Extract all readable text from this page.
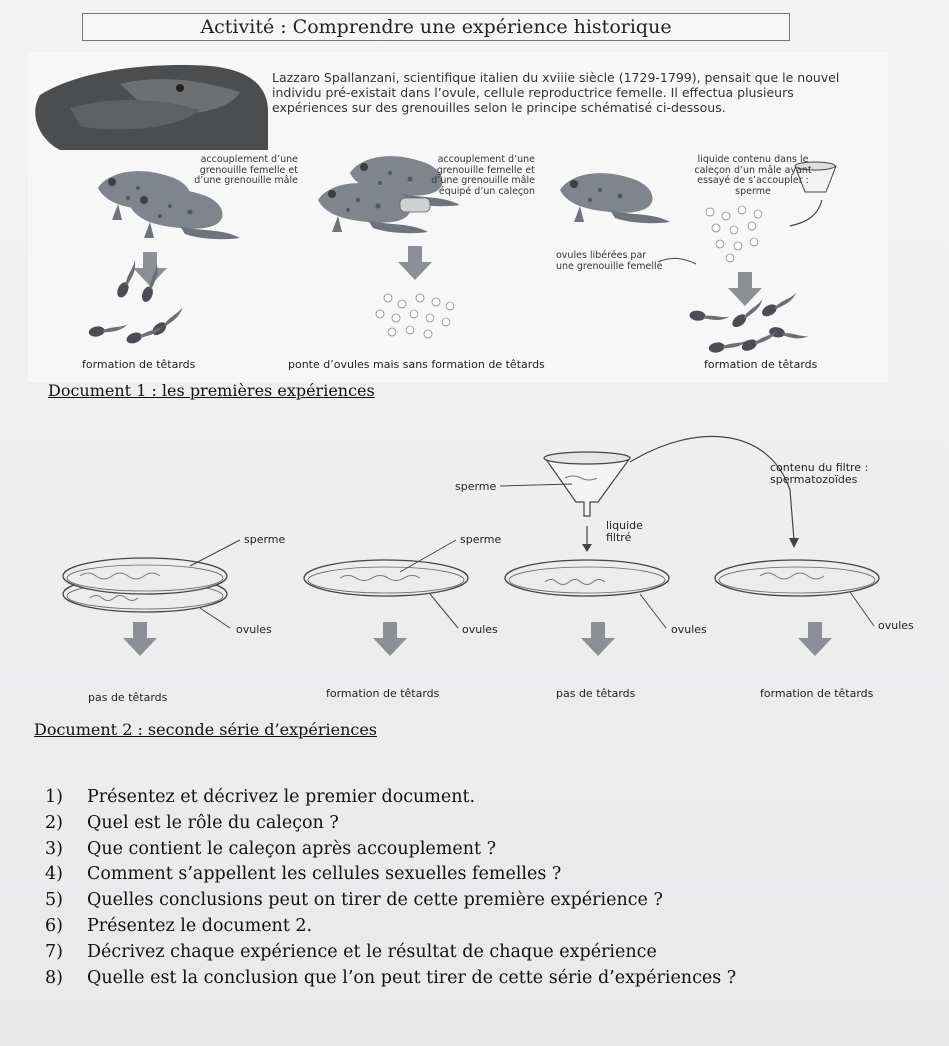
Activité : Comprendre une expérience historique
Lazzaro Spallanzani, scientifique italien du xviiie siècle (1729-1799), pensait que le nouvel individu pré-existait dans l’ovule, cellule reproductrice femelle. Il effectua plusieurs expériences sur des grenouilles selon le principe schématisé ci-dessous.
accouplement d’une grenouille femelle et d’une grenouille mâle
formation de têtards
accouplement d’une grenouille femelle et d’une grenouille mâle équipé d’un caleçon
ponte d’ovules mais sans formation de têtards
liquide contenu dans le caleçon d’un mâle ayant essayé de s’accoupler : sperme
ovules libérées par une grenouille femelle
formation de têtards
Document 1 : les premières expériences
sperme
ovules
pas de têtards
sperme
ovules
formation de têtards
sperme
liquide filtré
ovules
pas de têtards
contenu du filtre : spermatozoïdes
ovules
formation de têtards
Document 2 : seconde série d’expériences
1)	Présentez et décrivez le premier document.
2)	Quel est le rôle du caleçon ?
3)	Que contient le caleçon après accouplement ?
4)	Comment s’appellent les cellules sexuelles femelles ?
5)	Quelles conclusions peut on tirer de cette première expérience ?
6)	Présentez le document 2.
7)	Décrivez chaque expérience et le résultat de chaque expérience
8)	Quelle est la conclusion que l’on peut tirer de cette série d’expériences ?
